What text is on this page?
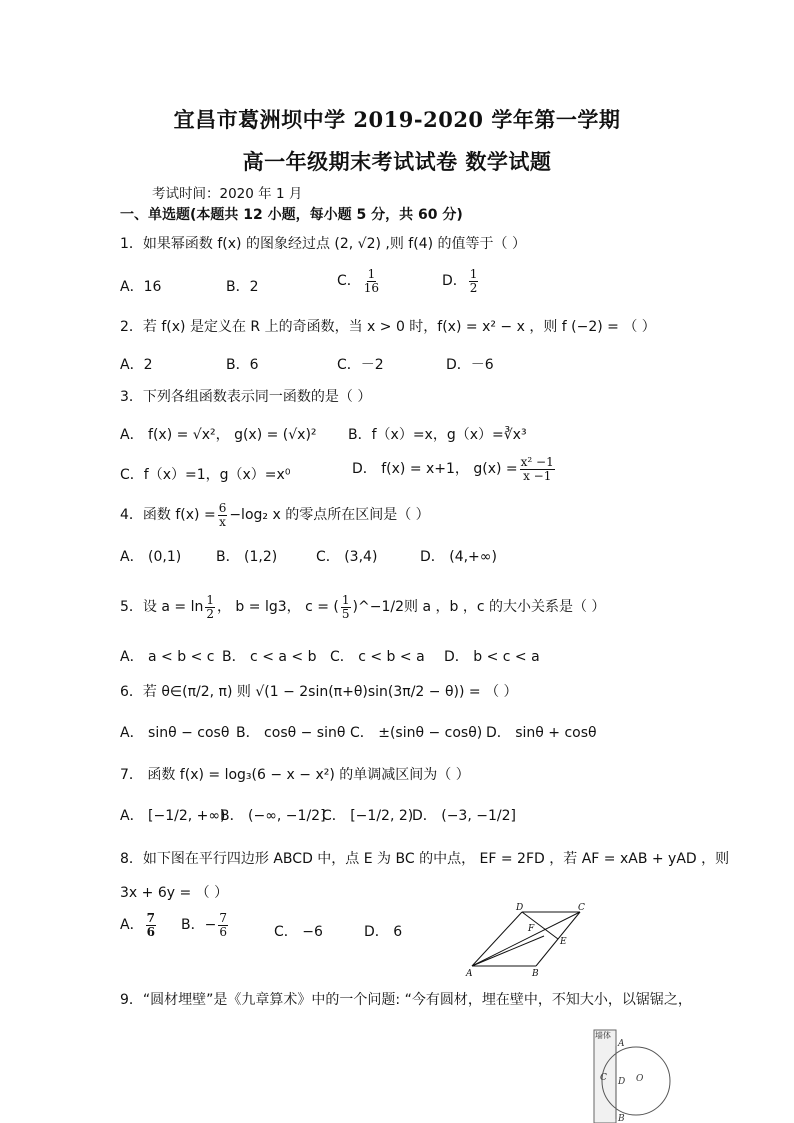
宜昌市葛洲坝中学 2019-2020 学年第一学期
高一年级期末考试试卷 数学试题
考试时间：2020 年 1 月
一、单选题(本题共 12 小题，每小题 5 分，共 60 分)
1．如果幂函数 f(x) 的图象经过点 (2, √2) ,则 f(4) 的值等于（ ）
A．16	B．2	C． $\frac{1}{16}$	D． $\frac{1}{2}$
2．若 f(x) 是定义在 R 上的奇函数，当 x > 0 时，f(x) = x² − x ，则 f (−2) = （ ）
A．2	B．6	C．－2	D．－6
3．下列各组函数表示同一函数的是（ ）
A． f(x) = √x²， g(x) = (√x)² B．f（x）=x，g（x）=∛x³
C．f（x）=1，g（x）=x⁰	D． f(x) = x+1， $g(x) = \frac{\text{x² −1}}{x -1}$
4．函数 $f(x) = \frac{6}{x} -\log_2$ x 的零点所在区间是（ ）
A． (0,1) B． (1,2)	C． (3,4)	D． (4,+∞)
5．设 $a = \ln \frac{1}{2}$ ， b = lg3， c = ( $\frac{1}{5}$ )^−1/2则 a ，b ，c 的大小关系是（ ）
A． a < b < c B． c < a < b C． c < b < a D． b < c < a
6．若 θ∈(π/2, π) 则 √(1 − 2sin(π+θ)sin(3π/2 − θ)) = （ ）
A． sinθ − cosθ B． cosθ − sinθ C． ±(sinθ − cosθ) D． sinθ + cosθ
7． 函数 f(x) = log₃(6 − x − x²) 的单调减区间为（ ）
A． [−1/2, +∞)
B． (−∞, −1/2]
C． [−1/2, 2)
D． (−3, −1/2]
8．如下图在平行四边形 ABCD 中，点 E 为 BC 的中点， EF = 2FD ，若 AF = xAB + yAD ，则
3x + 6y = （ ）
A． $\frac{7}{6}$ B．− $\frac{7}{6}$	C． −6	D． 6
D	C
F
E
A	B
9．“圆材埋壁”是《九章算术》中的一个问题: “今有圆材，埋在壁中，不知大小，以锯锯之，
墙体
A
C D O
B
